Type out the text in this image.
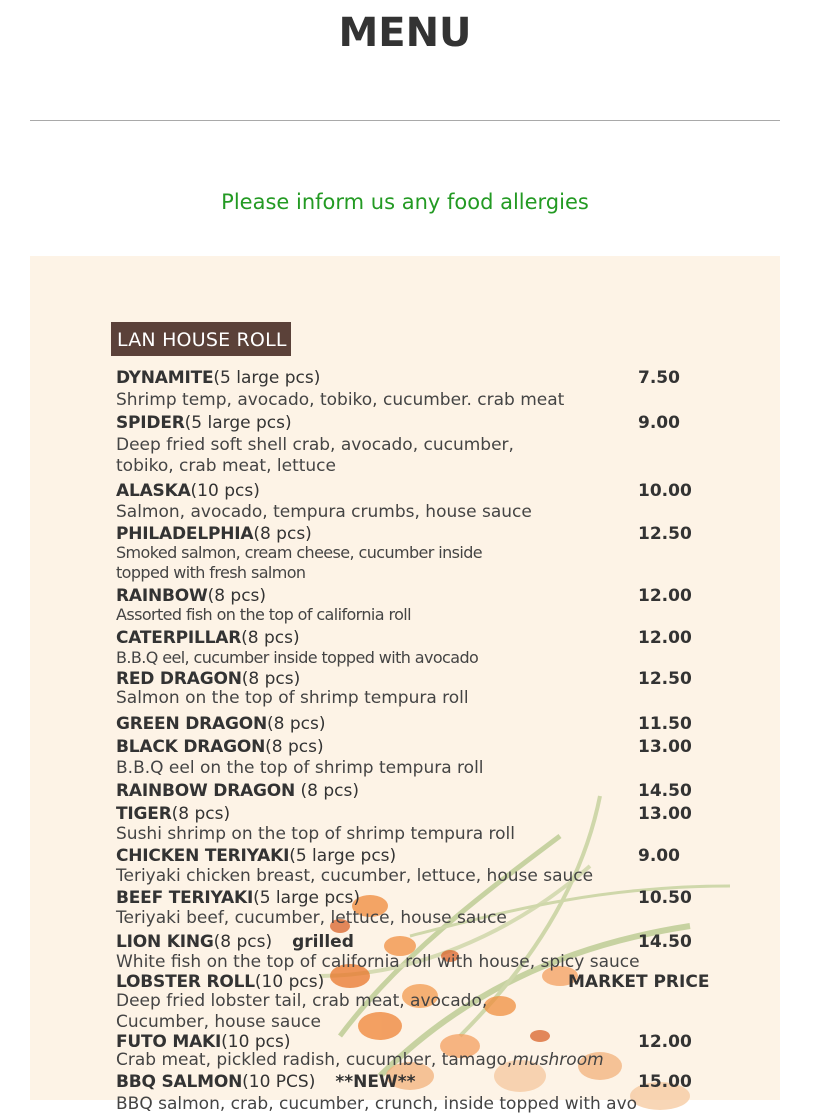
MENU
Please inform us any food allergies
LAN HOUSE ROLL
DYNAMITE(5 large pcs)	7.50
Shrimp temp, avocado, tobiko, cucumber. crab meat
SPIDER(5 large pcs)	9.00
Deep fried soft shell crab, avocado, cucumber,
tobiko, crab meat, lettuce
ALASKA(10 pcs)	10.00
Salmon, avocado, tempura crumbs, house sauce
PHILADELPHIA(8 pcs)	12.50
Smoked salmon, cream cheese, cucumber inside
topped with fresh salmon
RAINBOW(8 pcs)	12.00
Assorted fish on the top of california roll
CATERPILLAR(8 pcs)	12.00
B.B.Q eel, cucumber inside topped with avocado
RED DRAGON(8 pcs)	12.50
Salmon on the top of shrimp tempura roll
GREEN DRAGON(8 pcs)	11.50
BLACK DRAGON(8 pcs)	13.00
B.B.Q eel on the top of shrimp tempura roll
RAINBOW DRAGON (8 pcs)	14.50
TIGER(8 pcs)	13.00
Sushi shrimp on the top of shrimp tempura roll
CHICKEN TERIYAKI(5 large pcs)	9.00
Teriyaki chicken breast, cucumber, lettuce, house sauce
BEEF TERIYAKI(5 large pcs)	10.50
Teriyaki beef, cucumber, lettuce, house sauce
LION KING(8 pcs) grilled	14.50
White fish on the top of california roll with house, spicy sauce
LOBSTER ROLL(10 pcs)	MARKET PRICE
Deep fried lobster tail, crab meat, avocado,
Cucumber, house sauce
FUTO MAKI(10 pcs)	12.00
Crab meat, pickled radish, cucumber, tamago,mushroom
BBQ SALMON(10 PCS) **NEW**	15.00
BBQ salmon, crab, cucumber, crunch, inside topped with avo
